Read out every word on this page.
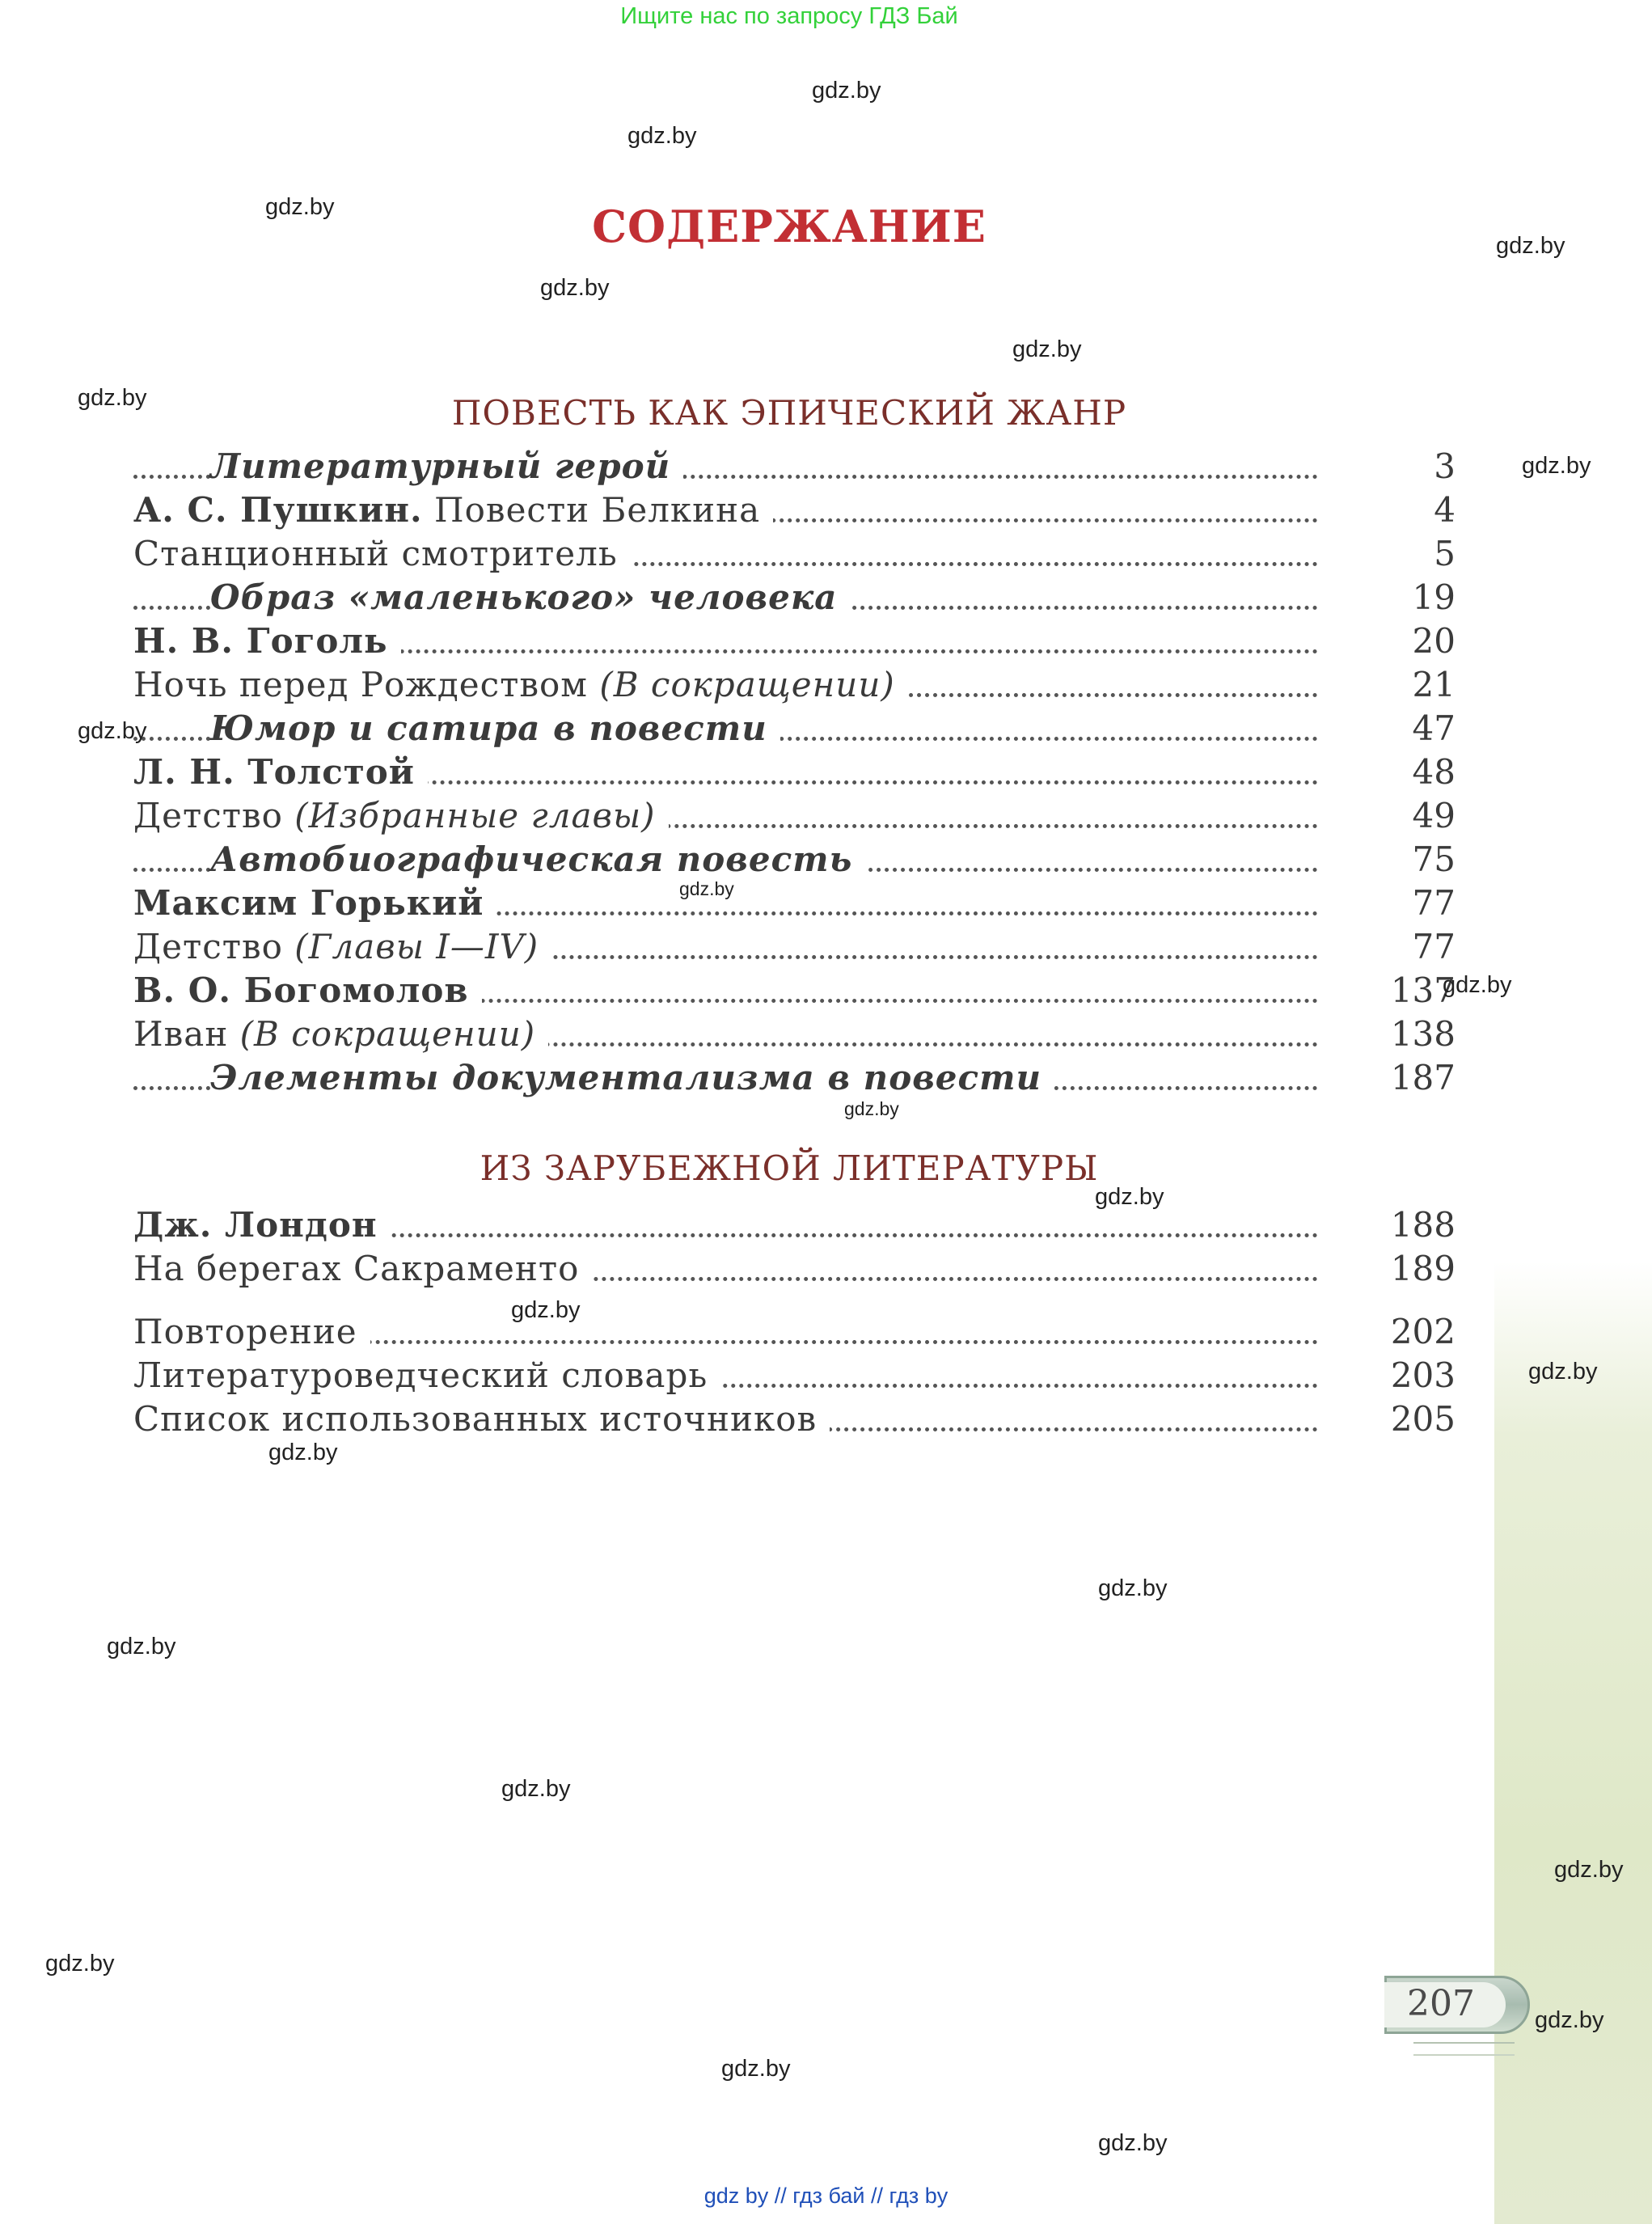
Ищите нас по запросу ГДЗ Бай
СОДЕРЖАНИЕ
ПОВЕСТЬ КАК ЭПИЧЕСКИЙ ЖАНР
Литературный герой	3
А. С. Пушкин. Повести Белкина	4
Станционный смотритель	5
Образ «маленького» человека	19
Н. В. Гоголь	20
Ночь перед Рождеством (В сокращении)	21
Юмор и сатира в повести	47
Л. Н. Толстой	48
Детство (Избранные главы)	49
Автобиографическая повесть	75
Максим Горький	77
Детство (Главы I—IV)	77
В. О. Богомолов	137
Иван (В сокращении)	138
Элементы документализма в повести	187
ИЗ ЗАРУБЕЖНОЙ ЛИТЕРАТУРЫ
Дж. Лондон	188
На берегах Сакраменто	189
Повторение	202
Литературоведческий словарь	203
Список использованных источников	205
207
gdz.by
gdz.by
gdz.by
gdz.by
gdz.by
gdz.by
gdz.by
gdz.by
gdz.by
gdz.by
gdz.by
gdz.by
gdz.by
gdz.by
gdz.by
gdz.by
gdz.by
gdz.by
gdz.by
gdz.by
gdz.by
gdz.by
gdz.by
gdz.by
gdz by // гдз бай // гдз by
